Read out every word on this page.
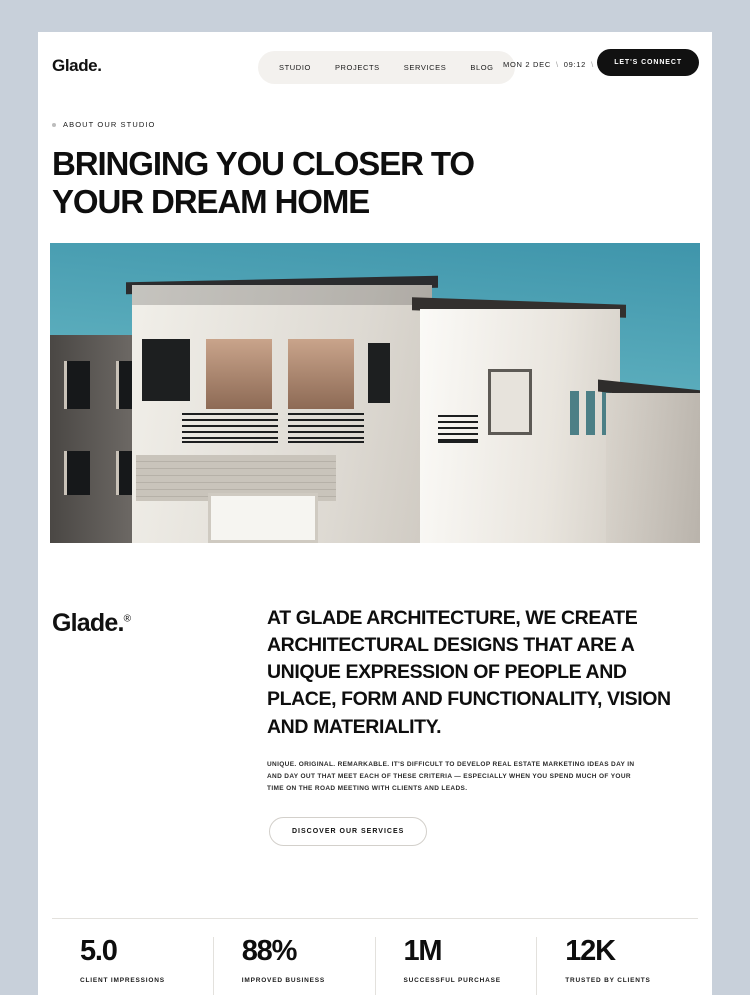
Glade.	STUDIO	PROJECTS	SERVICES	BLOG	MON 2 DEC \ 09:12 \	LET'S CONNECT
ABOUT OUR STUDIO
BRINGING YOU CLOSER TO
YOUR DREAM HOME
Glade.®	AT GLADE ARCHITECTURE, WE CREATE ARCHITECTURAL DESIGNS THAT ARE A UNIQUE EXPRESSION OF PEOPLE AND PLACE, FORM AND FUNCTIONALITY, VISION AND MATERIALITY.

UNIQUE. ORIGINAL. REMARKABLE. IT'S DIFFICULT TO DEVELOP REAL ESTATE MARKETING IDEAS DAY IN AND DAY OUT THAT MEET EACH OF THESE CRITERIA — ESPECIALLY WHEN YOU SPEND MUCH OF YOUR TIME ON THE ROAD MEETING WITH CLIENTS AND LEADS.

DISCOVER OUR SERVICES
5.0
CLIENT IMPRESSIONS
88%
IMPROVED BUSINESS
1M
SUCCESSFUL PURCHASE
12K
TRUSTED BY CLIENTS
